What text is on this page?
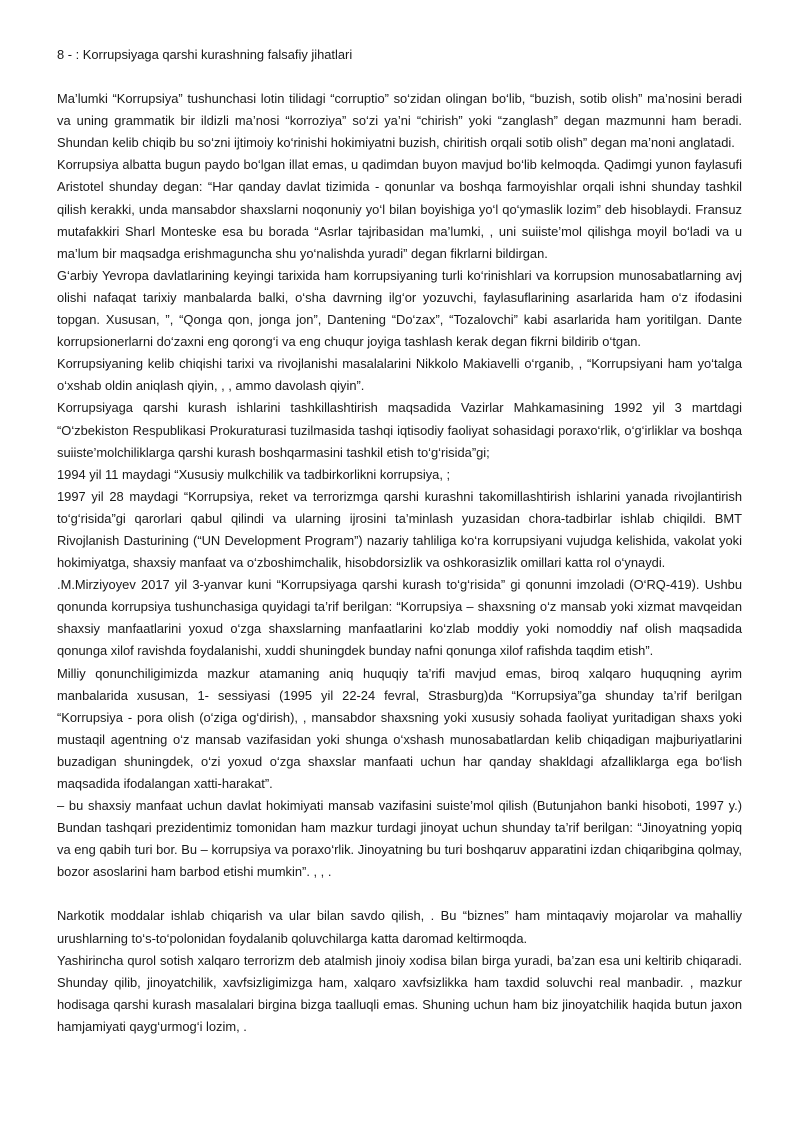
8 - : Korrupsiyaga qarshi kurashning falsafiy jihatlari

Ma’lumki “Korrupsiya” tushunchasi lotin tilidagi “corruptio” so‘zidan olingan bo‘lib, “buzish, sotib olish” ma’nosini beradi va uning grammatik bir ildizli ma’nosi “korroziya” so‘zi ya’ni “chirish” yoki “zanglash” degan mazmunni ham beradi. Shundan kelib chiqib bu so‘zni ijtimoiy ko‘rinishi hokimiyatni buzish, chiritish orqali sotib olish” degan ma’noni anglatadi.

Korrupsiya albatta bugun paydo bo‘lgan illat emas, u qadimdan buyon mavjud bo‘lib kelmoqda. Qadimgi yunon faylasufi Aristotel shunday degan: “Har qanday davlat tizimida - qonunlar va boshqa farmoyishlar orqali ishni shunday tashkil qilish kerakki, unda mansabdor shaxslarni noqonuniy yo‘l bilan boyishiga yo‘l qo‘ymaslik lozim” deb hisoblaydi. Fransuz mutafakkiri Sharl Monteske esa bu borada “Asrlar tajribasidan ma’lumki, , uni suiiste’mol qilishga moyil bo‘ladi va u ma’lum bir maqsadga erishmaguncha shu yo‘nalishda yuradi” degan fikrlarni bildirgan.

G‘arbiy Yevropa davlatlarining keyingi tarixida ham korrupsiyaning turli ko‘rinishlari va korrupsion munosabatlarning avj olishi nafaqat tarixiy manbalarda balki, o‘sha davrning ilg‘or yozuvchi, faylasuflarining asarlarida ham o‘z ifodasini topgan. Xususan, ”, “Qonga qon, jonga jon”, Dantening “Do‘zax”, “Tozalovchi” kabi asarlarida ham yoritilgan. Dante korrupsionerlarni do‘zaxni eng qorong‘i va eng chuqur joyiga tashlash kerak degan fikrni bildirib o‘tgan.

Korrupsiyaning kelib chiqishi tarixi va rivojlanishi masalalarini Nikkolo Makiavelli o‘rganib, , “Korrupsiyani ham yo‘talga o‘xshab oldin aniqlash qiyin, , , ammo davolash qiyin”.

Korrupsiyaga qarshi kurash ishlarini tashkillashtirish maqsadida Vazirlar Mahkamasining 1992 yil 3 martdagi “O‘zbekiston Respublikasi Prokuraturasi tuzilmasida tashqi iqtisodiy faoliyat sohasidagi poraxo‘rlik, o‘g‘irliklar va boshqa suiiste’molchiliklarga qarshi kurash boshqarmasini tashkil etish to‘g‘risida”gi;

1994 yil 11 maydagi “Xususiy mulkchilik va tadbirkorlikni korrupsiya, ;

1997 yil 28 maydagi “Korrupsiya, reket va terrorizmga qarshi kurashni takomillashtirish ishlarini yanada rivojlantirish to‘g‘risida”gi qarorlari qabul qilindi va ularning ijrosini ta’minlash yuzasidan chora-tadbirlar ishlab chiqildi. BMT Rivojlanish Dasturining (“UN Development Program”) nazariy tahliliga ko‘ra korrupsiyani vujudga kelishida, vakolat yoki hokimiyatga, shaxsiy manfaat va o‘zboshimchalik, hisobdorsizlik va oshkorasizlik omillari katta rol o‘ynaydi.

.M.Mirziyoyev 2017 yil 3-yanvar kuni “Korrupsiyaga qarshi kurash to‘g‘risida” gi qonunni imzoladi (O‘RQ-419). Ushbu qonunda korrupsiya tushunchasiga quyidagi ta’rif berilgan: “Korrupsiya – shaxsning o‘z mansab yoki xizmat mavqeidan shaxsiy manfaatlarini yoxud o‘zga shaxslarning manfaatlarini ko‘zlab moddiy yoki nomoddiy naf olish maqsadida qonunga xilof ravishda foydalanishi, xuddi shuningdek bunday nafni qonunga xilof rafishda taqdim etish”.

Milliy qonunchiligimizda mazkur atamaning aniq huquqiy ta’rifi mavjud emas, biroq xalqaro huquqning ayrim manbalarida xususan, 1- sessiyasi (1995 yil 22-24 fevral, Strasburg)da “Korrupsiya”ga shunday ta’rif berilgan “Korrupsiya - pora olish (o‘ziga og‘dirish), , mansabdor shaxsning yoki xususiy sohada faoliyat yuritadigan shaxs yoki mustaqil agentning o‘z mansab vazifasidan yoki shunga o‘xshash munosabatlardan kelib chiqadigan majburiyatlarini buzadigan shuningdek, o‘zi yoxud o‘zga shaxslar manfaati uchun har qanday shakldagi afzalliklarga ega bo‘lish maqsadida ifodalangan xatti-harakat”.

– bu shaxsiy manfaat uchun davlat hokimiyati mansab vazifasini suiste’mol qilish (Butunjahon banki hisoboti, 1997 y.) Bundan tashqari prezidentimiz tomonidan ham mazkur turdagi jinoyat uchun shunday ta’rif berilgan: “Jinoyatning yopiq va eng qabih turi bor. Bu – korrupsiya va poraxo‘rlik. Jinoyatning bu turi boshqaruv apparatini izdan chiqaribgina qolmay, bozor asoslarini ham barbod etishi mumkin”. , , .

Narkotik moddalar ishlab chiqarish va ular bilan savdo qilish, . Bu “biznes” ham mintaqaviy mojarolar va mahalliy urushlarning to‘s-to‘polonidan foydalanib qoluvchilarga katta daromad keltirmoqda.

Yashirincha qurol sotish xalqaro terrorizm deb atalmish jinoiy xodisa bilan birga yuradi, ba’zan esa uni keltirib chiqaradi. Shunday qilib, jinoyatchilik, xavfsizligimizga ham, xalqaro xavfsizlikka ham taxdid soluvchi real manbadir. , mazkur hodisaga qarshi kurash masalalari birgina bizga taalluqli emas. Shuning uchun ham biz jinoyatchilik haqida butun jaxon hamjamiyati qayg‘urmog‘i lozim, .
